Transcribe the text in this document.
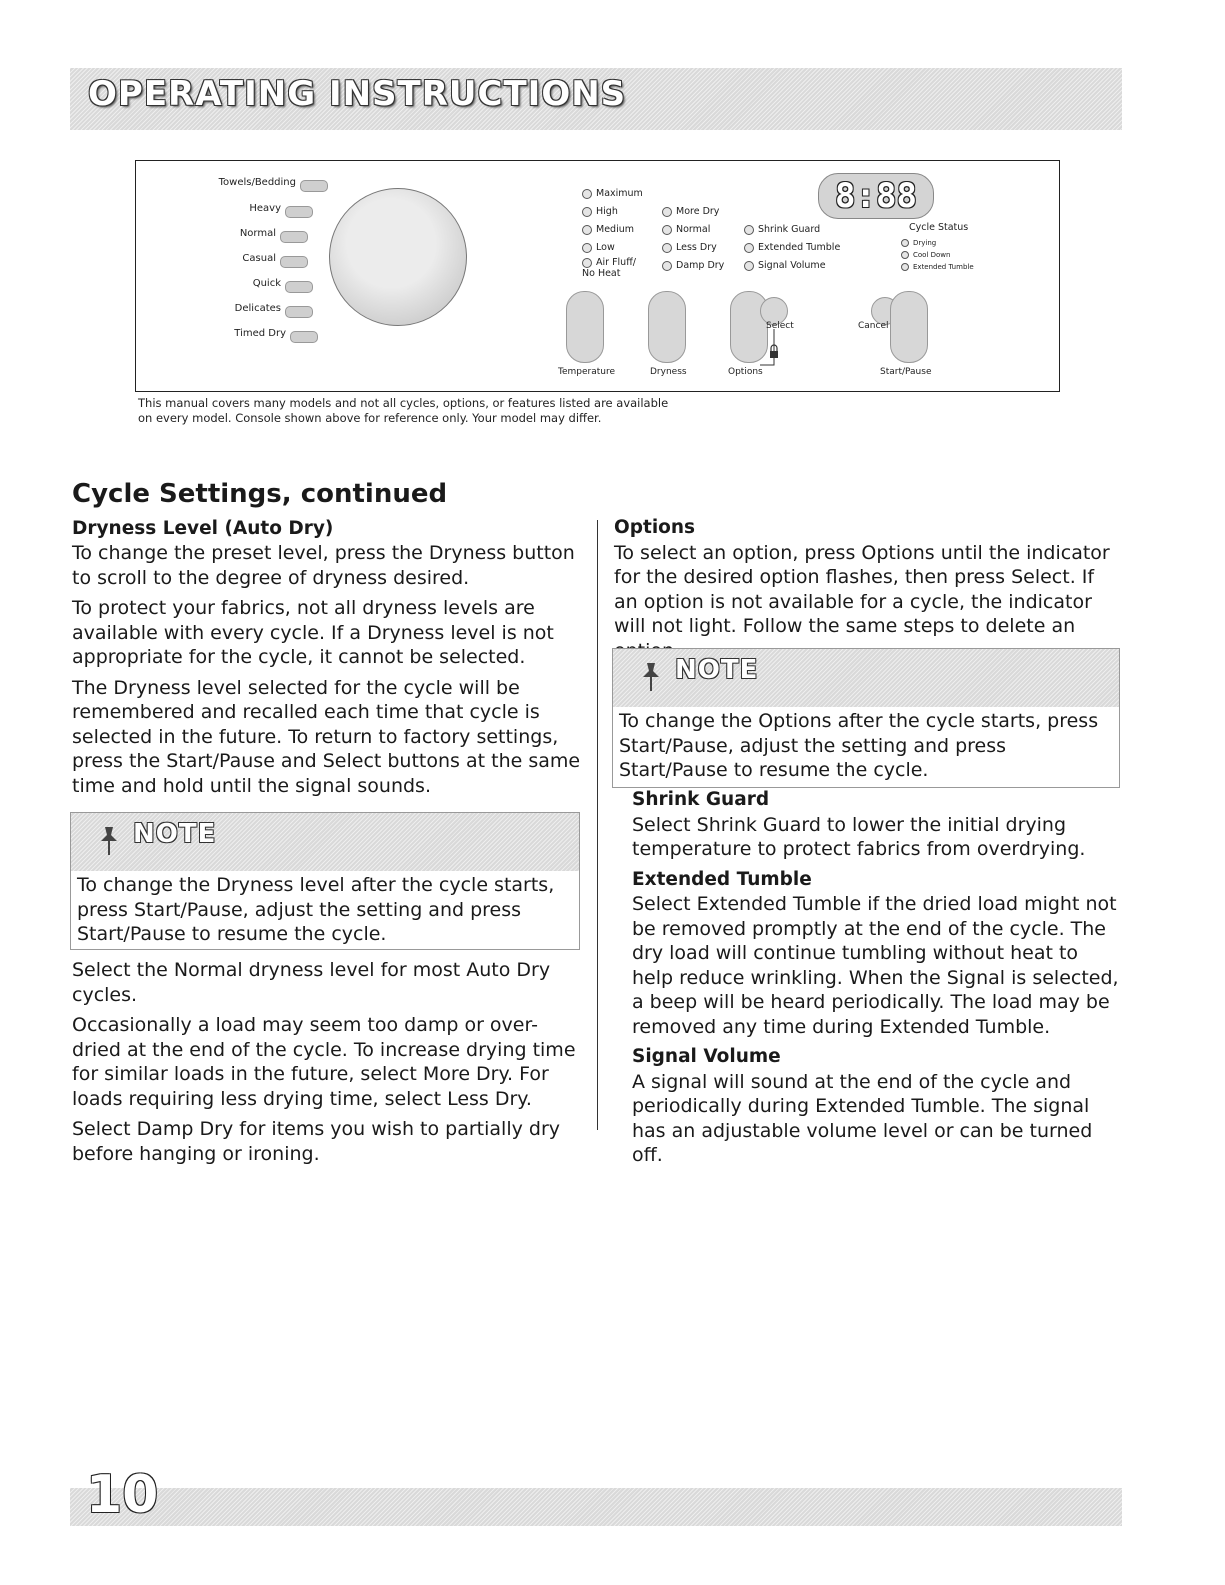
OPERATING INSTRUCTIONS
Towels/Bedding
Heavy
Normal
Casual
Quick
Delicates
Timed Dry
Maximum
High
Medium
Low
Air Fluff/ No Heat
More Dry
Normal
Less Dry
Damp Dry
Shrink Guard
Extended Tumble
Signal Volume
8:88
Cycle Status
Drying
Cool Down
Extended Tumble
Select	Cancel
Temperature	Dryness	Options	Start/Pause
This manual covers many models and not all cycles, options, or features listed are available
on every model. Console shown above for reference only. Your model may differ.
Cycle Settings, continued
Dryness Level (Auto Dry)

To change the preset level, press the Dryness button to scroll to the degree of dryness desired.

To protect your fabrics, not all dryness levels are available with every cycle. If a Dryness level is not appropriate for the cycle, it cannot be selected.

The Dryness level selected for the cycle will be remembered and recalled each time that cycle is selected in the future. To return to factory settings, press the Start/Pause and Select buttons at the same time and hold until the signal sounds.

NOTE
To change the Dryness level after the cycle starts, press Start/Pause, adjust the setting and press Start/Pause to resume the cycle.

Select the Normal dryness level for most Auto Dry cycles.

Occasionally a load may seem too damp or over-dried at the end of the cycle. To increase drying time for similar loads in the future, select More Dry. For loads requiring less drying time, select Less Dry.

Select Damp Dry for items you wish to partially dry before hanging or ironing.

Options

To select an option, press Options until the indicator for the desired option flashes, then press Select. If an option is not available for a cycle, the indicator will not light. Follow the same steps to delete an

NOTE
To change the Options after the cycle starts, press Start/Pause, adjust the setting and press Start/Pause to resume the cycle.
Shrink Guard

Select Shrink Guard to lower the initial drying temperature to protect fabrics from overdrying.

Extended Tumble

Select Extended Tumble if the dried load might not be removed promptly at the end of the cycle. The dry load will continue tumbling without heat to help reduce wrinkling. When the Signal is selected, a beep will be heard periodically. The load may be removed any time during Extended Tumble.

Signal Volume

A signal will sound at the end of the cycle and periodically during Extended Tumble. The signal has an adjustable volume level or can be turned off.

10
